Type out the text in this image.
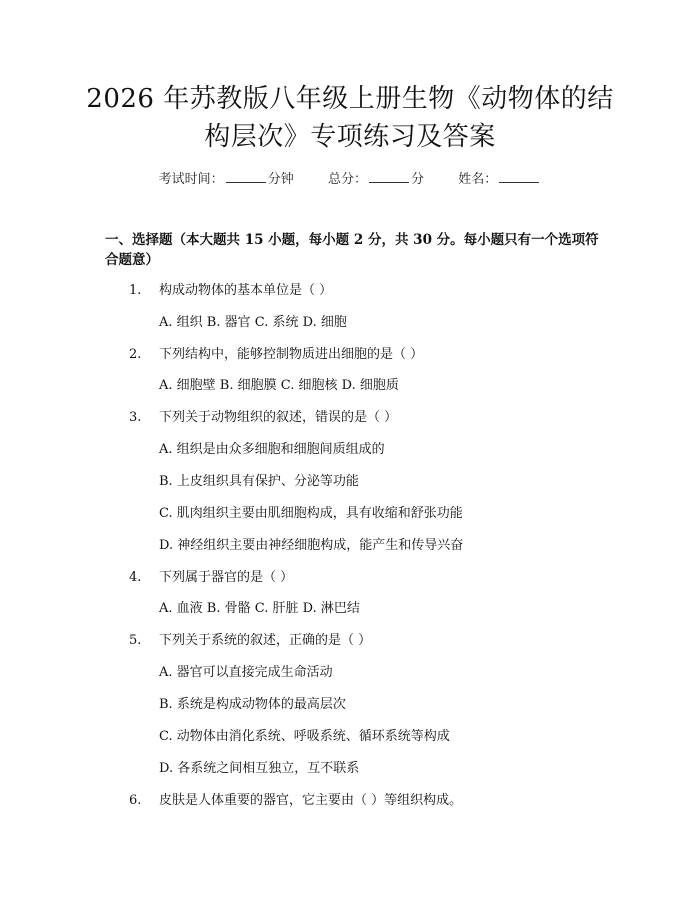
2026 年苏教版八年级上册生物《动物体的结
构层次》专项练习及答案
考试时间：	分钟	总分：	分	姓名：
一、选择题（本大题共 15 小题，每小题 2 分，共 30 分。每小题只有一个选项符合题意）
1. 构成动物体的基本单位是（ ）
A. 组织 B. 器官 C. 系统 D. 细胞
2. 下列结构中，能够控制物质进出细胞的是（ ）
A. 细胞壁 B. 细胞膜 C. 细胞核 D. 细胞质
3. 下列关于动物组织的叙述，错误的是（ ）
A. 组织是由众多细胞和细胞间质组成的
B. 上皮组织具有保护、分泌等功能
C. 肌肉组织主要由肌细胞构成，具有收缩和舒张功能
D. 神经组织主要由神经细胞构成，能产生和传导兴奋
4. 下列属于器官的是（ ）
A. 血液 B. 骨骼 C. 肝脏 D. 淋巴结
5. 下列关于系统的叙述，正确的是（ ）
A. 器官可以直接完成生命活动
B. 系统是构成动物体的最高层次
C. 动物体由消化系统、呼吸系统、循环系统等构成
D. 各系统之间相互独立，互不联系
6. 皮肤是人体重要的器官，它主要由（ ）等组织构成。
